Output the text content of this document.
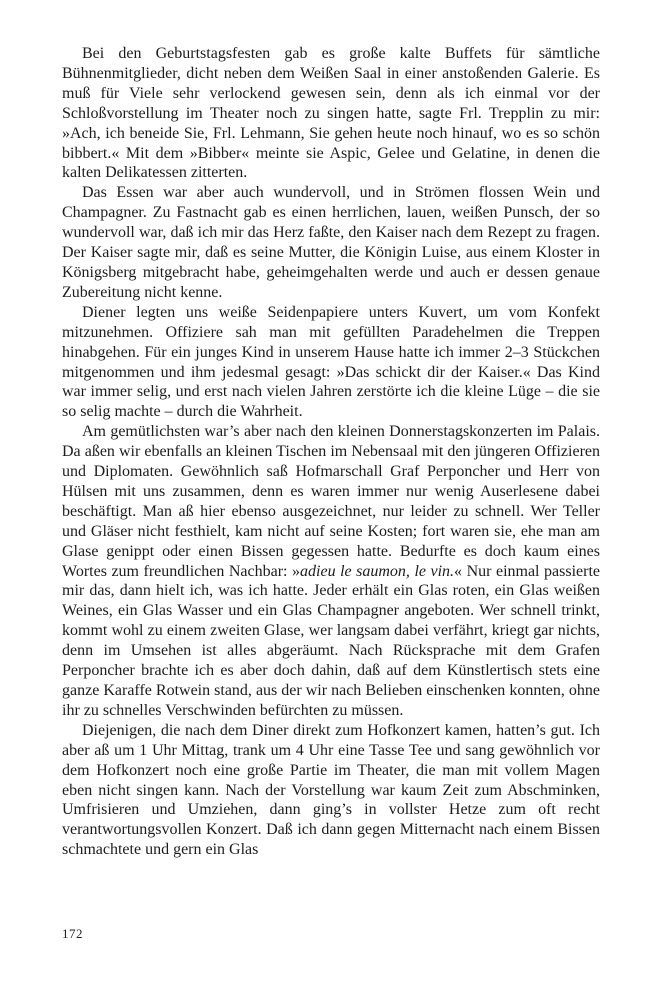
Bei den Geburtstagsfesten gab es große kalte Buffets für sämtliche Bühnenmitglieder, dicht neben dem Weißen Saal in einer anstoßenden Galerie. Es muß für Viele sehr verlockend gewesen sein, denn als ich einmal vor der Schloßvorstellung im Theater noch zu singen hatte, sagte Frl. Trepplin zu mir: »Ach, ich beneide Sie, Frl. Lehmann, Sie gehen heute noch hinauf, wo es so schön bibbert.« Mit dem »Bibber« meinte sie Aspic, Gelee und Gelatine, in denen die kalten Delikatessen zitterten.

Das Essen war aber auch wundervoll, und in Strömen flossen Wein und Champagner. Zu Fastnacht gab es einen herrlichen, lauen, weißen Punsch, der so wundervoll war, daß ich mir das Herz faßte, den Kaiser nach dem Rezept zu fragen. Der Kaiser sagte mir, daß es seine Mutter, die Königin Luise, aus einem Kloster in Königsberg mitgebracht habe, geheimgehalten werde und auch er dessen genaue Zubereitung nicht kenne.

Diener legten uns weiße Seidenpapiere unters Kuvert, um vom Konfekt mitzunehmen. Offiziere sah man mit gefüllten Paradehelmen die Treppen hinabgehen. Für ein junges Kind in unserem Hause hatte ich immer 2–3 Stückchen mitgenommen und ihm jedesmal gesagt: »Das schickt dir der Kaiser.« Das Kind war immer selig, und erst nach vielen Jahren zerstörte ich die kleine Lüge – die sie so selig machte – durch die Wahrheit.

Am gemütlichsten war’s aber nach den kleinen Donnerstagskonzerten im Palais. Da aßen wir ebenfalls an kleinen Tischen im Nebensaal mit den jüngeren Offizieren und Diplomaten. Gewöhnlich saß Hofmarschall Graf Perponcher und Herr von Hülsen mit uns zusammen, denn es waren immer nur wenig Auserlesene dabei beschäftigt. Man aß hier ebenso ausgezeichnet, nur leider zu schnell. Wer Teller und Gläser nicht festhielt, kam nicht auf seine Kosten; fort waren sie, ehe man am Glase genippt oder einen Bissen gegessen hatte. Bedurfte es doch kaum eines Wortes zum freundlichen Nachbar: »adieu le saumon, le vin.« Nur einmal passierte mir das, dann hielt ich, was ich hatte. Jeder erhält ein Glas roten, ein Glas weißen Weines, ein Glas Wasser und ein Glas Champagner angeboten. Wer schnell trinkt, kommt wohl zu einem zweiten Glase, wer langsam dabei verfährt, kriegt gar nichts, denn im Umsehen ist alles abgeräumt. Nach Rücksprache mit dem Grafen Perponcher brachte ich es aber doch dahin, daß auf dem Künstlertisch stets eine ganze Karaffe Rotwein stand, aus der wir nach Belieben einschenken konnten, ohne ihr zu schnelles Verschwinden befürchten zu müssen.

Diejenigen, die nach dem Diner direkt zum Hofkonzert kamen, hatten’s gut. Ich aber aß um 1 Uhr Mittag, trank um 4 Uhr eine Tasse Tee und sang gewöhnlich vor dem Hofkonzert noch eine große Partie im Theater, die man mit vollem Magen eben nicht singen kann. Nach der Vorstellung war kaum Zeit zum Abschminken, Umfrisieren und Umziehen, dann ging’s in vollster Hetze zum oft recht verantwortungsvollen Konzert. Daß ich dann gegen Mitternacht nach einem Bissen schmachtete und gern ein Glas

172
